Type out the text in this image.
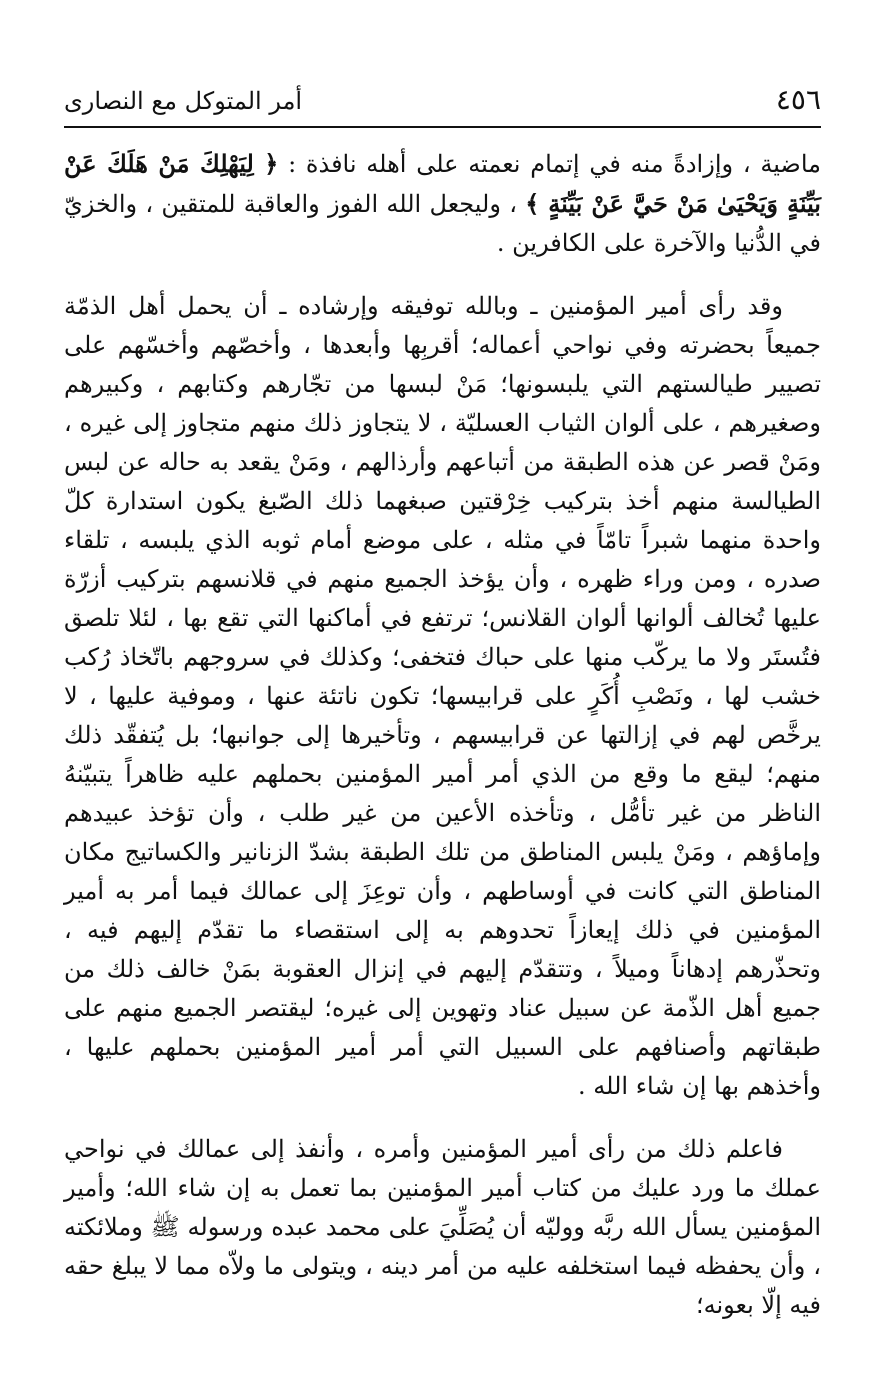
٤٥٦
أمر المتوكل مع النصارى

ماضية ، وإزادةً منه في إتمام نعمته على أهله نافذة : ﴿ لِيَهْلِكَ مَنْ هَلَكَ عَنْ بَيِّنَةٍ وَيَحْيَىٰ مَنْ حَيَّ عَنْ بَيِّنَةٍ ﴾ ، وليجعل الله الفوز والعاقبة للمتقين ، والخزيّ في الدُّنيا والآخرة على الكافرين .

وقد رأى أمير المؤمنين ـ وبالله توفيقه وإرشاده ـ أن يحمل أهل الذمّة جميعاً بحضرته وفي نواحي أعماله؛ أقربِها وأبعدها ، وأخصّهم وأخسّهم على تصيير طيالستهم التي يلبسونها؛ مَنْ لبسها من تجّارهم وكتابهم ، وكبيرهم وصغيرهم ، على ألوان الثياب العسليّة ، لا يتجاوز ذلك منهم متجاوز إلى غيره ، ومَنْ قصر عن هذه الطبقة من أتباعهم وأرذالهم ، ومَنْ يقعد به حاله عن لبس الطيالسة منهم أخذ بتركيب خِرْقتين صبغهما ذلك الصّبغ يكون استدارة كلّ واحدة منهما شبراً تامّاً في مثله ، على موضع أمام ثوبه الذي يلبسه ، تلقاء صدره ، ومن وراء ظهره ، وأن يؤخذ الجميع منهم في قلانسهم بتركيب أزرّة عليها تُخالف ألوانها ألوان القلانس؛ ترتفع في أماكنها التي تقع بها ، لئلا تلصق فتُستَر ولا ما يركّب منها على حباك فتخفى؛ وكذلك في سروجهم باتّخاذ رُكب خشب لها ، ونَصْبِ أُكَرٍ على قرابيسها؛ تكون ناتئة عنها ، وموفية عليها ، لا يرخَّص لهم في إزالتها عن قرابيسهم ، وتأخيرها إلى جوانبها؛ بل يُتفقّد ذلك منهم؛ ليقع ما وقع من الذي أمر أمير المؤمنين بحملهم عليه ظاهراً يتبيّنهُ الناظر من غير تأمُّل ، وتأخذه الأعين من غير طلب ، وأن تؤخذ عبيدهم وإماؤهم ، ومَنْ يلبس المناطق من تلك الطبقة بشدّ الزنانير والكساتيج مكان المناطق التي كانت في أوساطهم ، وأن توعِزَ إلى عمالك فيما أمر به أمير المؤمنين في ذلك إيعازاً تحدوهم به إلى استقصاء ما تقدّم إليهم فيه ، وتحذّرهم إدهاناً وميلاً ، وتتقدّم إليهم في إنزال العقوبة بمَنْ خالف ذلك من جميع أهل الذّمة عن سبيل عناد وتهوين إلى غيره؛ ليقتصر الجميع منهم على طبقاتهم وأصنافهم على السبيل التي أمر أمير المؤمنين بحملهم عليها ، وأخذهم بها إن شاء الله .

فاعلم ذلك من رأى أمير المؤمنين وأمره ، وأنفذ إلى عمالك في نواحي عملك ما ورد عليك من كتاب أمير المؤمنين بما تعمل به إن شاء الله؛ وأمير المؤمنين يسأل الله ربَّه ووليّه أن يُصَلِّيَ على محمد عبده ورسوله ﷺ وملائكته ، وأن يحفظه فيما استخلفه عليه من أمر دينه ، ويتولى ما ولاّه مما لا يبلغ حقه فيه إلّا بعونه؛
